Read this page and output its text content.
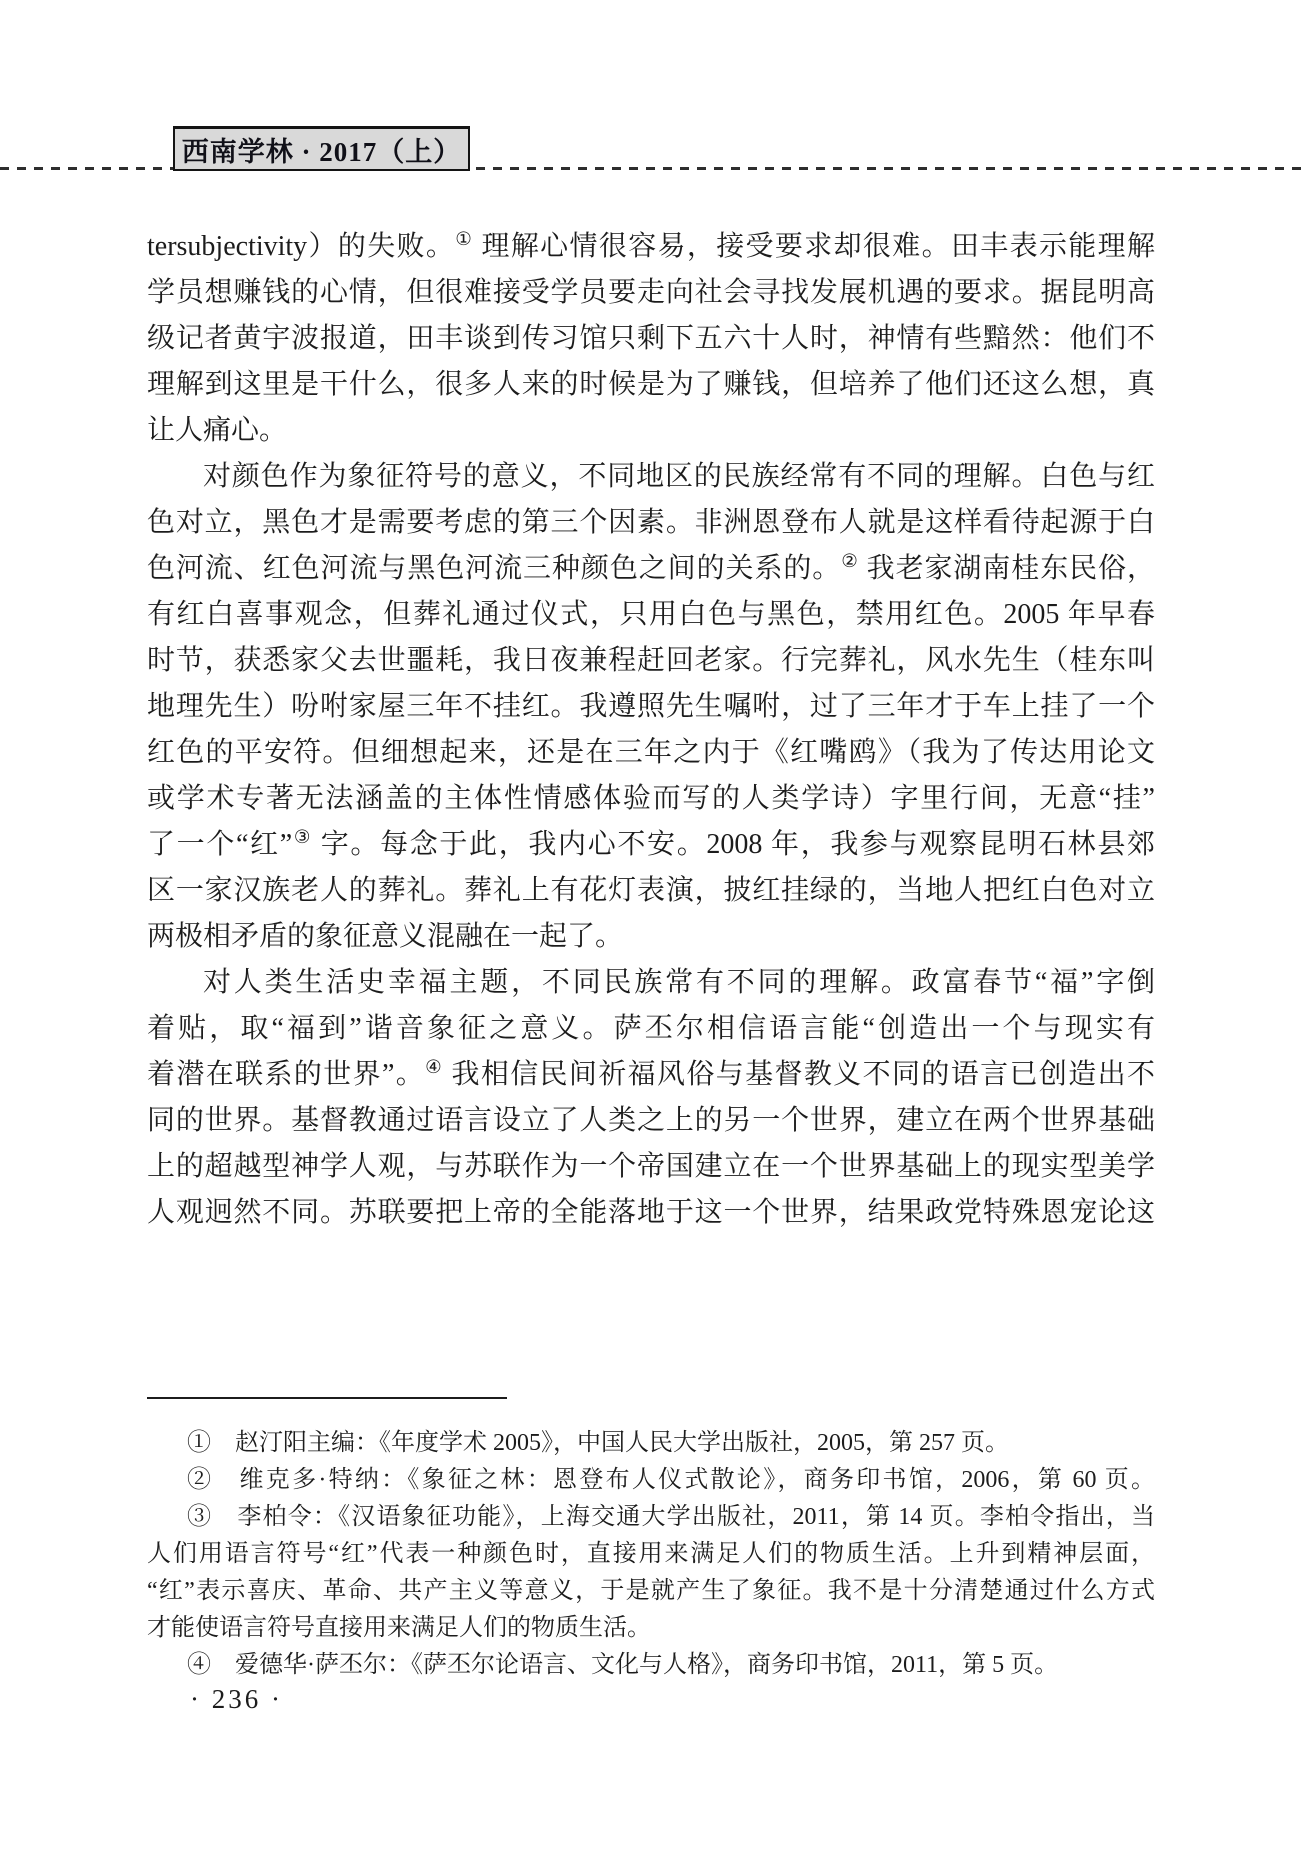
西南学林 · 2017（上）
tersubjectivity）的失败。① 理解心情很容易，接受要求却很难。田丰表示能理解
学员想赚钱的心情，但很难接受学员要走向社会寻找发展机遇的要求。据昆明高
级记者黄宇波报道，田丰谈到传习馆只剩下五六十人时，神情有些黯然：他们不
理解到这里是干什么，很多人来的时候是为了赚钱，但培养了他们还这么想，真
让人痛心。
对颜色作为象征符号的意义，不同地区的民族经常有不同的理解。白色与红
色对立，黑色才是需要考虑的第三个因素。非洲恩登布人就是这样看待起源于白
色河流、红色河流与黑色河流三种颜色之间的关系的。② 我老家湖南桂东民俗，
有红白喜事观念，但葬礼通过仪式，只用白色与黑色，禁用红色。2005 年早春
时节，获悉家父去世噩耗，我日夜兼程赶回老家。行完葬礼，风水先生（桂东叫
地理先生）吩咐家屋三年不挂红。我遵照先生嘱咐，过了三年才于车上挂了一个
红色的平安符。但细想起来，还是在三年之内于《红嘴鸥》（我为了传达用论文
或学术专著无法涵盖的主体性情感体验而写的人类学诗）字里行间，无意“挂”
了一个“红”③ 字。每念于此，我内心不安。2008 年，我参与观察昆明石林县郊
区一家汉族老人的葬礼。葬礼上有花灯表演，披红挂绿的，当地人把红白色对立
两极相矛盾的象征意义混融在一起了。
对人类生活史幸福主题，不同民族常有不同的理解。政富春节“福”字倒
着贴，取“福到”谐音象征之意义。萨丕尔相信语言能“创造出一个与现实有
着潜在联系的世界”。④ 我相信民间祈福风俗与基督教义不同的语言已创造出不
同的世界。基督教通过语言设立了人类之上的另一个世界，建立在两个世界基础
上的超越型神学人观，与苏联作为一个帝国建立在一个世界基础上的现实型美学
人观迥然不同。苏联要把上帝的全能落地于这一个世界，结果政党特殊恩宠论这
①　赵汀阳主编：《年度学术 2005》，中国人民大学出版社，2005，第 257 页。
②　维克多·特纳：《象征之林：恩登布人仪式散论》，商务印书馆，2006，第 60 页。
③　李柏令：《汉语象征功能》，上海交通大学出版社，2011，第 14 页。李柏令指出，当
人们用语言符号“红”代表一种颜色时，直接用来满足人们的物质生活。上升到精神层面，
“红”表示喜庆、革命、共产主义等意义，于是就产生了象征。我不是十分清楚通过什么方式
才能使语言符号直接用来满足人们的物质生活。
④　爱德华·萨丕尔：《萨丕尔论语言、文化与人格》，商务印书馆，2011，第 5 页。
· 236 ·
